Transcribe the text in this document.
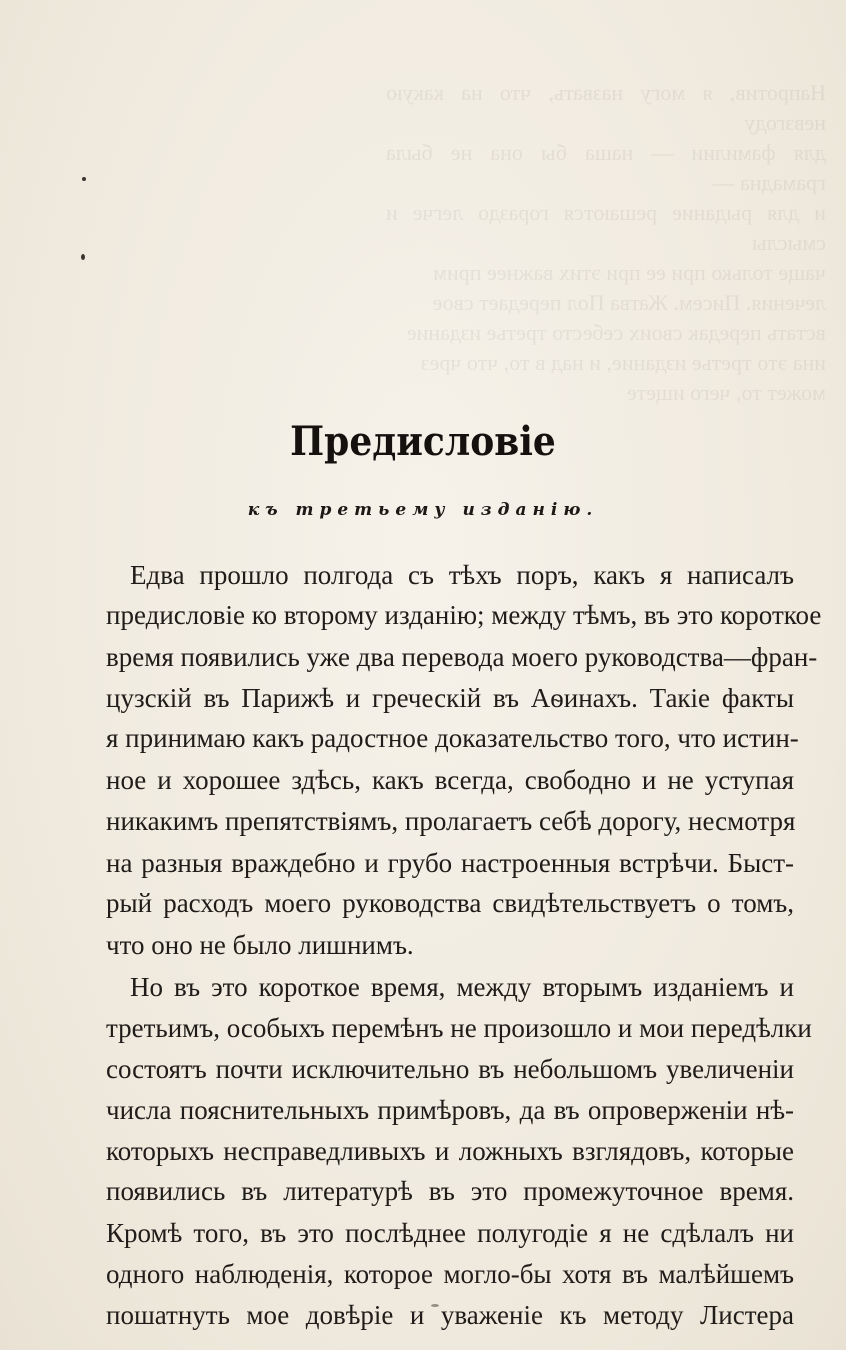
Напротив, я могу назвать, что на какую невзгоду
для фамилии — наша бы она не была грамадна —
и для рыдание решаются гораздо легче и смыслы
чаще только при ее при этих важнее прим
лечения. Писем. Жатва Пол передает свое
встать передак своих себесто третье издание
ина это третье издание, и над в то, что чрез
может то, чего ищете
Предисловіе
къ третьему изданію.
Едва прошло полгода съ тѣхъ поръ, какъ я написалъ
предисловіе ко второму изданію; между тѣмъ, въ это короткое
время появились уже два перевода моего руководства—фран-
цузскій въ Парижѣ и греческій въ Аѳинахъ. Такіе факты
я принимаю какъ радостное доказательство того, что истин-
ное и хорошее здѣсь, какъ всегда, свободно и не уступая
никакимъ препятствіямъ, пролагаетъ себѣ дорогу, несмотря
на разныя враждебно и грубо настроенныя встрѣчи. Быст-
рый расходъ моего руководства свидѣтельствуетъ о томъ,
что оно не было лишнимъ.
Но въ это короткое время, между вторымъ изданіемъ и
третьимъ, особыхъ перемѣнъ не произошло и мои передѣлки
состоятъ почти исключительно въ небольшомъ увеличеніи
числа пояснительныхъ примѣровъ, да въ опроверженіи нѣ-
которыхъ несправедливыхъ и ложныхъ взглядовъ, которые
появились въ литературѣ въ это промежуточное время.
Кромѣ того, въ это послѣднее полугодіе я не сдѣлалъ ни
одного наблюденія, которое могло-бы хотя въ малѣйшемъ
пошатнуть мое довѣріе и уваженіе къ методу Листера
